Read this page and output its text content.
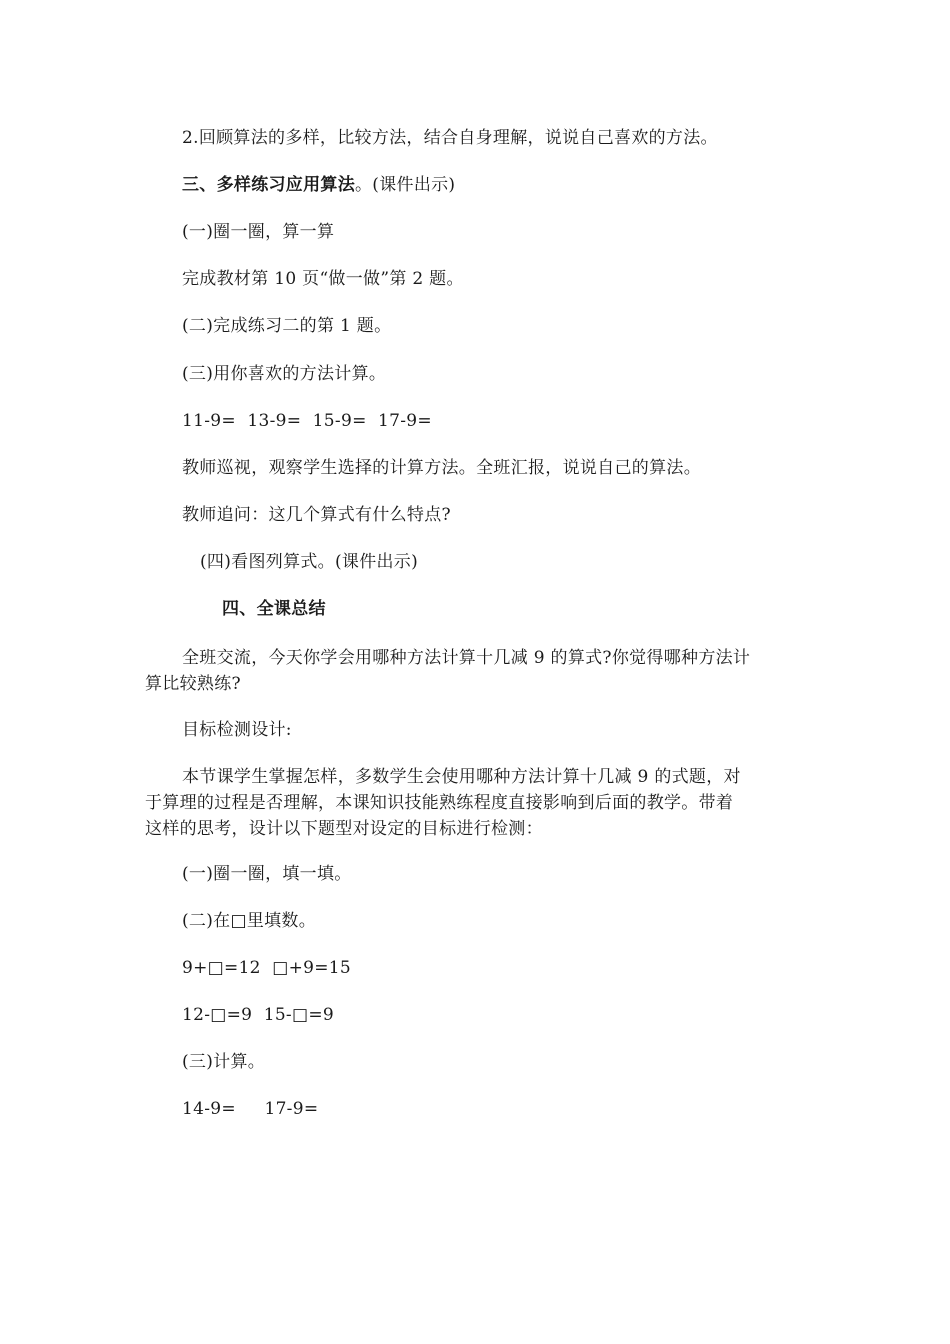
2.回顾算法的多样，比较方法，结合自身理解，说说自己喜欢的方法。
三、多样练习应用算法。(课件出示)
(一)圈一圈，算一算
完成教材第 10 页“做一做”第 2 题。
(二)完成练习二的第 1 题。
(三)用你喜欢的方法计算。
11-9=  13-9=  15-9=  17-9=
教师巡视，观察学生选择的计算方法。全班汇报，说说自己的算法。
教师追问：这几个算式有什么特点?
(四)看图列算式。(课件出示)
四、全课总结
全班交流，今天你学会用哪种方法计算十几减 9 的算式?你觉得哪种方法计
算比较熟练?
目标检测设计:
本节课学生掌握怎样，多数学生会使用哪种方法计算十几减 9 的式题，对
于算理的过程是否理解，本课知识技能熟练程度直接影响到后面的教学。带着
这样的思考，设计以下题型对设定的目标进行检测：
(一)圈一圈，填一填。
(二)在□里填数。
9+□=12  □+9=15
12-□=9  15-□=9
(三)计算。
14-9=     17-9=
